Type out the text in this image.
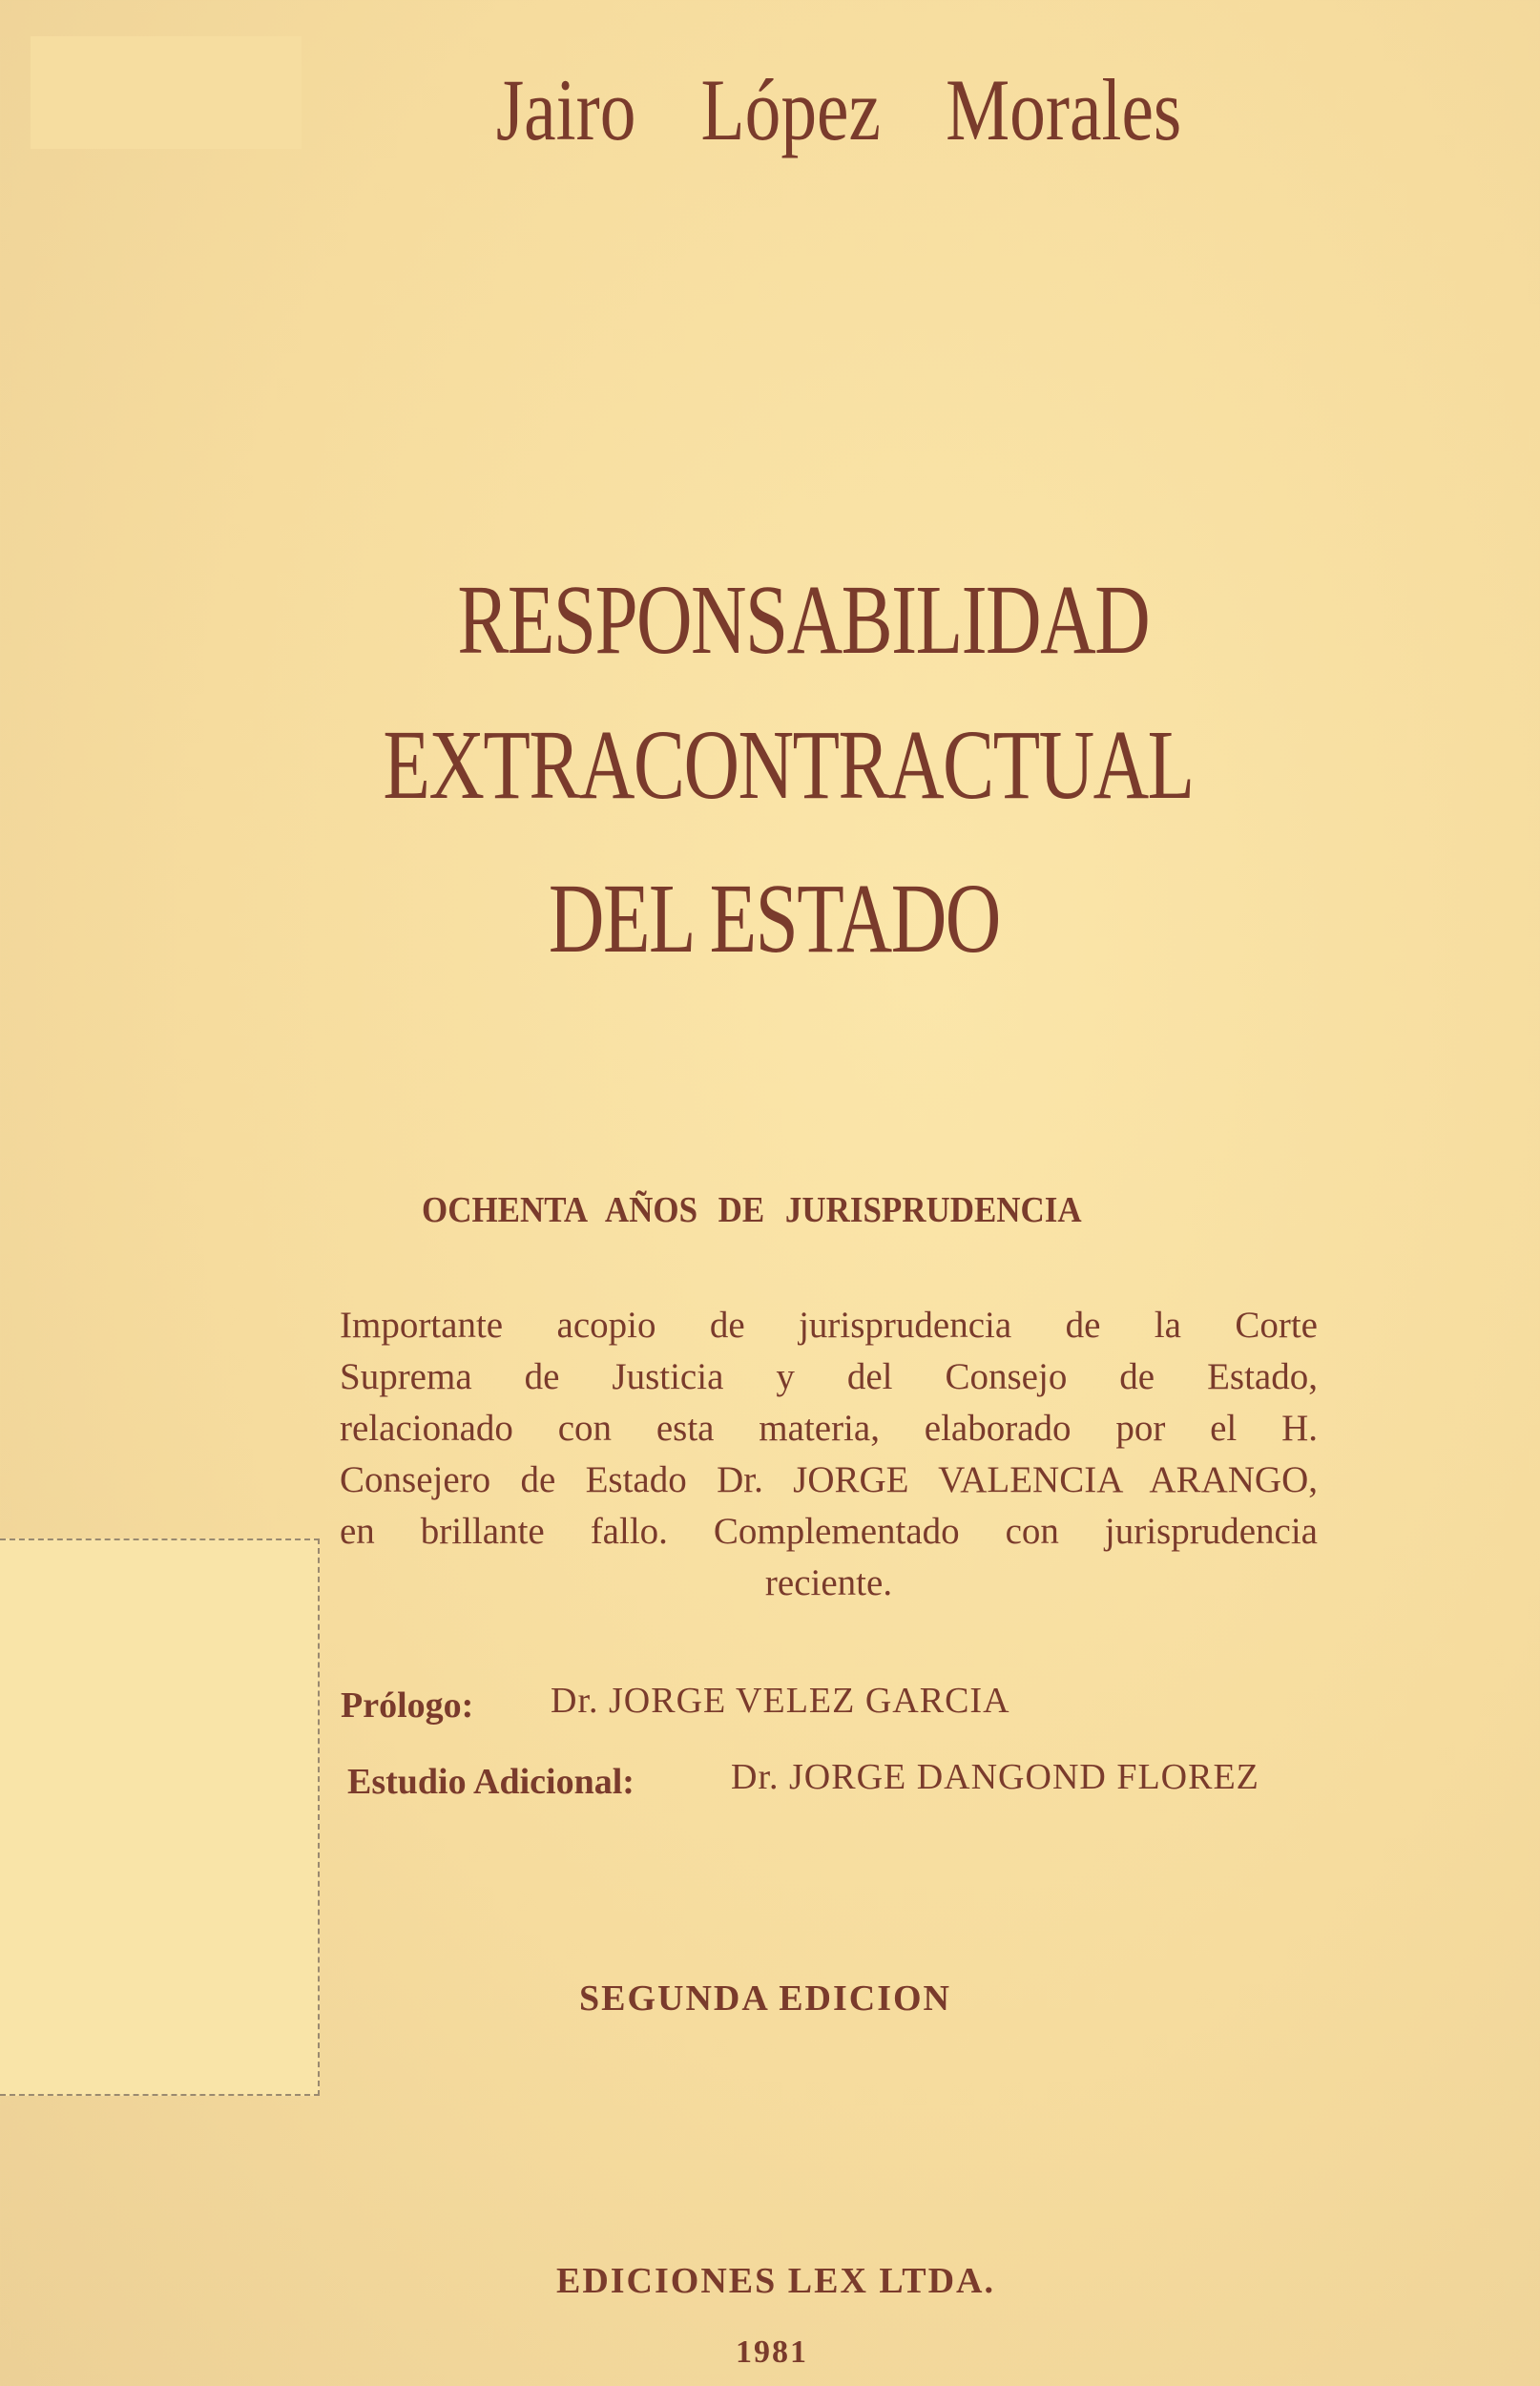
Jairo López Morales
RESPONSABILIDAD
EXTRACONTRACTUAL
DEL ESTADO
OCHENTA AÑOS DE JURISPRUDENCIA
Importante acopio de jurisprudencia de la Corte
Suprema de Justicia y del Consejo de Estado,
relacionado con esta materia, elaborado por el H.
Consejero de Estado Dr. JORGE VALENCIA ARANGO,
en brillante fallo. Complementado con jurisprudencia
reciente.
Prólogo: Dr. JORGE VELEZ GARCIA
Estudio Adicional:	Dr. JORGE DANGOND FLOREZ
SEGUNDA EDICION
EDICIONES LEX LTDA.
1981
